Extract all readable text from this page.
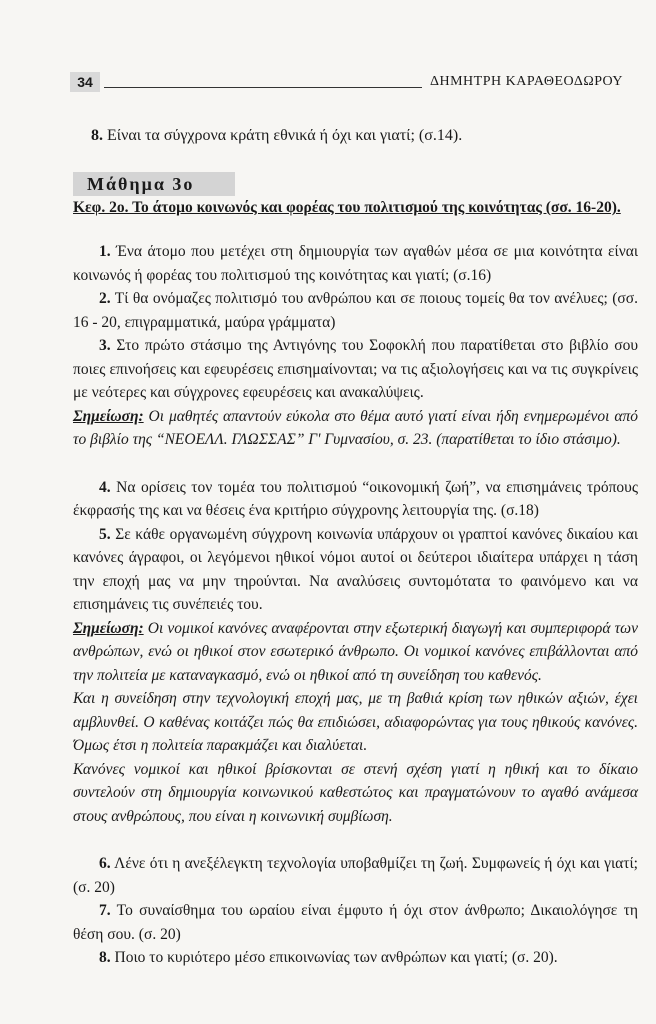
34	ΔΗΜΗΤΡΗ ΚΑΡΑΘΕΟΔΩΡΟΥ

8. Είναι τα σύγχρονα κράτη εθνικά ή όχι και γιατί; (σ.14).

Μάθημα 3ο
Κεφ. 2ο. Το άτομο κοινωνός και φορέας του πολιτισμού της κοινότητας (σσ. 16-20).

1. Ένα άτομο που μετέχει στη δημιουργία των αγαθών μέσα σε μια κοινότητα είναι κοινωνός ή φορέας του πολιτισμού της κοινότητας και γιατί; (σ.16)

2. Τί θα ονόμαζες πολιτισμό του ανθρώπου και σε ποιους τομείς θα τον ανέλυες; (σσ. 16 - 20, επιγραμματικά, μαύρα γράμματα)

3. Στο πρώτο στάσιμο της Αντιγόνης του Σοφοκλή που παρατίθεται στο βιβλίο σου ποιες επινοήσεις και εφευρέσεις επισημαίνονται; να τις αξιολογήσεις και να τις συγκρίνεις με νεότερες και σύγχρονες εφευρέσεις και ανακαλύψεις.

Σημείωση: Οι μαθητές απαντούν εύκολα στο θέμα αυτό γιατί είναι ήδη ενημερωμένοι από το βιβλίο της “ΝΕΟΕΛΛ. ΓΛΩΣΣΑΣ” Γ' Γυμνασίου, σ. 23. (παρατίθεται το ίδιο στάσιμο).

4. Να ορίσεις τον τομέα του πολιτισμού “οικονομική ζωή”, να επισημάνεις τρόπους έκφρασής της και να θέσεις ένα κριτήριο σύγχρονης λειτουργία της. (σ.18)

5. Σε κάθε οργανωμένη σύγχρονη κοινωνία υπάρχουν οι γραπτοί κανόνες δικαίου και κανόνες άγραφοι, οι λεγόμενοι ηθικοί νόμοι αυτοί οι δεύτεροι ιδιαίτερα υπάρχει η τάση την εποχή μας να μην τηρούνται. Να αναλύσεις συντομότατα το φαινόμενο και να επισημάνεις τις συνέπειές του.

Σημείωση: Οι νομικοί κανόνες αναφέρονται στην εξωτερική διαγωγή και συμπεριφορά των ανθρώπων, ενώ οι ηθικοί στον εσωτερικό άνθρωπο. Οι νομικοί κανόνες επιβάλλονται από την πολιτεία με καταναγκασμό, ενώ οι ηθικοί από τη συνείδηση του καθενός.

Και η συνείδηση στην τεχνολογική εποχή μας, με τη βαθιά κρίση των ηθικών αξιών, έχει αμβλυνθεί. Ο καθένας κοιτάζει πώς θα επιδιώσει, αδιαφορώντας για τους ηθικούς κανόνες. Όμως έτσι η πολιτεία παρακμάζει και διαλύεται.

Κανόνες νομικοί και ηθικοί βρίσκονται σε στενή σχέση γιατί η ηθική και το δίκαιο συντελούν στη δημιουργία κοινωνικού καθεστώτος και πραγματώνουν το αγαθό ανάμεσα στους ανθρώπους, που είναι η κοινωνική συμβίωση.

6. Λένε ότι η ανεξέλεγκτη τεχνολογία υποβαθμίζει τη ζωή. Συμφωνείς ή όχι και γιατί; (σ. 20)

7. Το συναίσθημα του ωραίου είναι έμφυτο ή όχι στον άνθρωπο; Δικαιολόγησε τη θέση σου. (σ. 20)

8. Ποιο το κυριότερο μέσο επικοινωνίας των ανθρώπων και γιατί; (σ. 20).
